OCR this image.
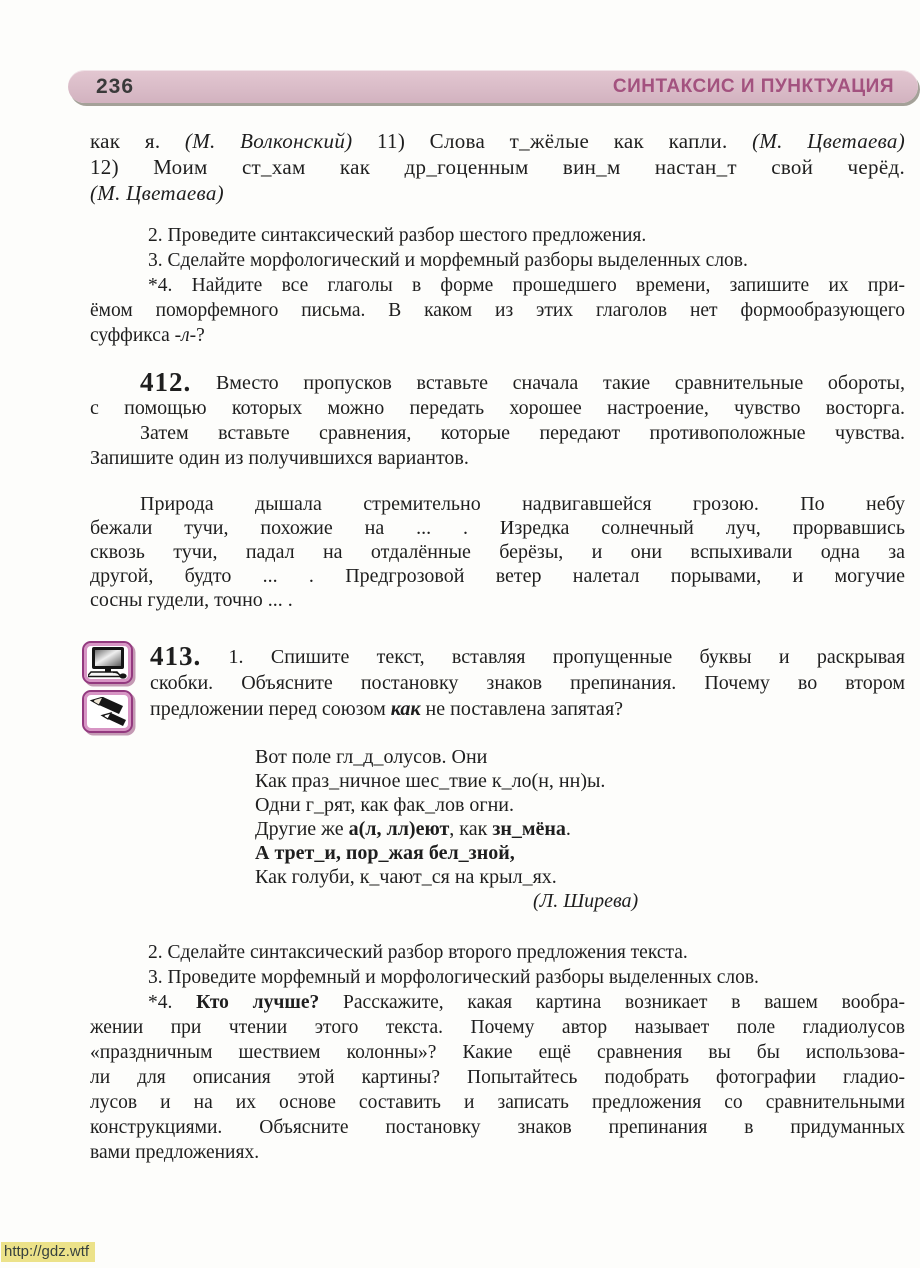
236	СИНТАКСИС И ПУНКТУАЦИЯ
как я. (М. Волконский) 11) Слова т_жёлые как капли. (М. Цветаева)
12) Моим ст_хам как др_гоценным вин_м настан_т свой черёд.
(М. Цветаева)
2. Проведите синтаксический разбор шестого предложения.
3. Сделайте морфологический и морфемный разборы выделенных слов.
*4. Найдите все глаголы в форме прошедшего времени, запишите их при-
ёмом поморфемного письма. В каком из этих глаголов нет формообразующего
суффикса -л-?
412. Вместо пропусков вставьте сначала такие сравнительные обороты,
с помощью которых можно передать хорошее настроение, чувство восторга.
Затем вставьте сравнения, которые передают противоположные чувства.
Запишите один из получившихся вариантов.
Природа дышала стремительно надвигавшейся грозою. По небу
бежали тучи, похожие на ... . Изредка солнечный луч, прорвавшись
сквозь тучи, падал на отдалённые берёзы, и они вспыхивали одна за
другой, будто ... . Предгрозовой ветер налетал порывами, и могучие
сосны гудели, точно ... .
413. 1. Спишите текст, вставляя пропущенные буквы и раскрывая
скобки. Объясните постановку знаков препинания. Почему во втором
предложении перед союзом как не поставлена запятая?
Вот поле гл_д_олусов. Они
Как праз_ничное шес_твие к_ло(н, нн)ы.
Одни г_рят, как фак_лов огни.
Другие же а(л, лл)еют, как зн_мёна.
А трет_и, пор_жая бел_зной,
Как голуби, к_чают_ся на крыл_ях.
(Л. Ширева)
2. Сделайте синтаксический разбор второго предложения текста.
3. Проведите морфемный и морфологический разборы выделенных слов.
*4. Кто лучше? Расскажите, какая картина возникает в вашем вообра-
жении при чтении этого текста. Почему автор называет поле гладиолусов
«праздничным шествием колонны»? Какие ещё сравнения вы бы использова-
ли для описания этой картины? Попытайтесь подобрать фотографии гладио-
лусов и на их основе составить и записать предложения со сравнительными
конструкциями. Объясните постановку знаков препинания в придуманных
вами предложениях.
http://gdz.wtf
